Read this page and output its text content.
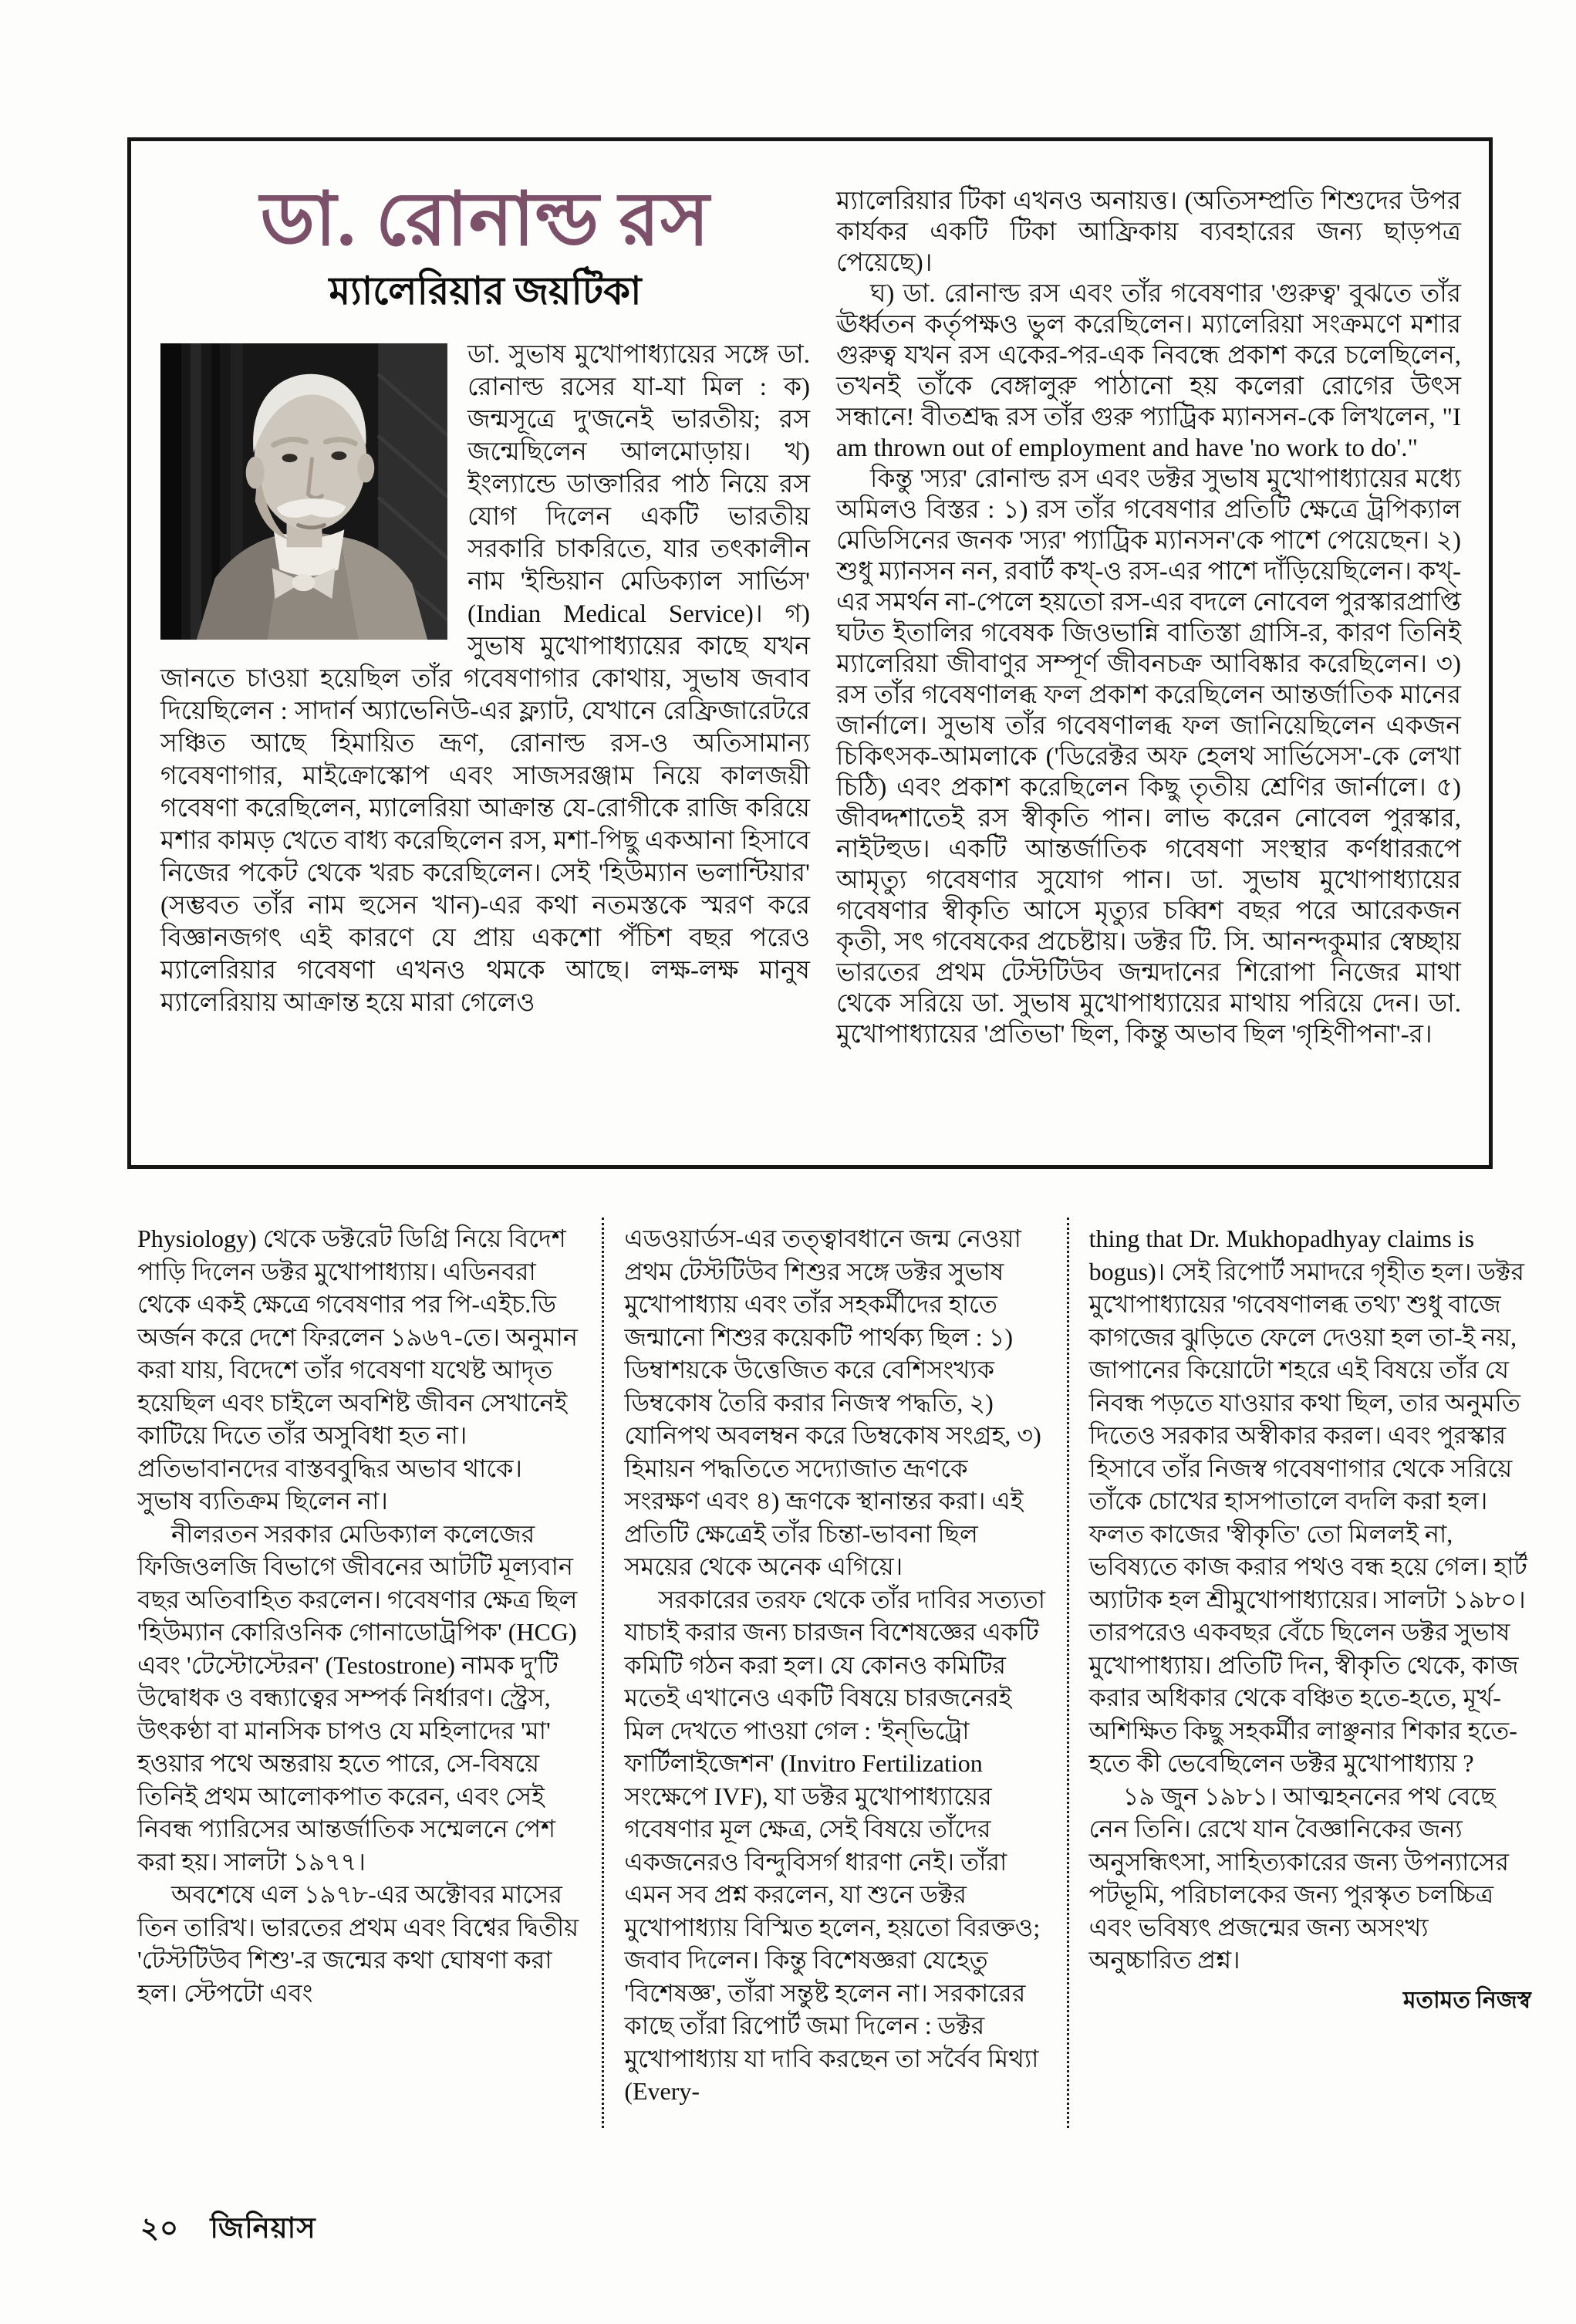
ডা. রোনাল্ড রস
ম্যালেরিয়ার জয়টিকা
ডা. সুভাষ মুখোপাধ্যায়ের সঙ্গে ডা. রোনাল্ড রসের যা-যা মিল : ক) জন্মসূত্রে দু'জনেই ভারতীয়; রস জন্মেছিলেন আলমোড়ায়। খ) ইংল্যান্ডে ডাক্তারির পাঠ নিয়ে রস যোগ দিলেন একটি ভারতীয় সরকারি চাকরিতে, যার তৎকালীন নাম 'ইন্ডিয়ান মেডিক্যাল সার্ভিস' (Indian Medical Service)। গ) সুভাষ মুখোপাধ্যায়ের কাছে যখন জানতে চাওয়া হয়েছিল তাঁর গবেষণাগার কোথায়, সুভাষ জবাব দিয়েছিলেন : সাদার্ন অ্যাভেনিউ-এর ফ্ল্যাট, যেখানে রেফ্রিজারেটরে সঞ্চিত আছে হিমায়িত ভ্রূণ, রোনাল্ড রস-ও অতিসামান্য গবেষণাগার, মাইক্রোস্কোপ এবং সাজসরঞ্জাম নিয়ে কালজয়ী গবেষণা করেছিলেন, ম্যালেরিয়া আক্রান্ত যে-রোগীকে রাজি করিয়ে মশার কামড় খেতে বাধ্য করেছিলেন রস, মশা-পিছু একআনা হিসাবে নিজের পকেট থেকে খরচ করেছিলেন। সেই 'হিউম্যান ভলান্টিয়ার' (সম্ভবত তাঁর নাম হুসেন খান)-এর কথা নতমস্তকে স্মরণ করে বিজ্ঞানজগৎ এই কারণে যে প্রায় একশো পঁচিশ বছর পরেও ম্যালেরিয়ার গবেষণা এখনও থমকে আছে। লক্ষ-লক্ষ মানুষ ম্যালেরিয়ায় আক্রান্ত হয়ে মারা গেলেও

ম্যালেরিয়ার টিকা এখনও অনায়ত্ত। (অতিসম্প্রতি শিশুদের উপর কার্যকর একটি টিকা আফ্রিকায় ব্যবহারের জন্য ছাড়পত্র পেয়েছে)।

ঘ) ডা. রোনাল্ড রস এবং তাঁর গবেষণার 'গুরুত্ব' বুঝতে তাঁর ঊর্ধ্বতন কর্তৃপক্ষও ভুল করেছিলেন। ম্যালেরিয়া সংক্রমণে মশার গুরুত্ব যখন রস একের-পর-এক নিবন্ধে প্রকাশ করে চলেছিলেন, তখনই তাঁকে বেঙ্গালুরু পাঠানো হয় কলেরা রোগের উৎস সন্ধানে! বীতশ্রদ্ধ রস তাঁর গুরু প্যাট্রিক ম্যানসন-কে লিখলেন, "I am thrown out of employment and have 'no work to do'."

কিন্তু 'স্যর' রোনাল্ড রস এবং ডক্টর সুভাষ মুখোপাধ্যায়ের মধ্যে অমিলও বিস্তর : ১) রস তাঁর গবেষণার প্রতিটি ক্ষেত্রে ট্রপিক্যাল মেডিসিনের জনক 'স্যর' প্যাট্রিক ম্যানসন'কে পাশে পেয়েছেন। ২) শুধু ম্যানসন নন, রবার্ট কখ্-ও রস-এর পাশে দাঁড়িয়েছিলেন। কখ্-এর সমর্থন না-পেলে হয়তো রস-এর বদলে নোবেল পুরস্কারপ্রাপ্তি ঘটত ইতালির গবেষক জিওভান্নি বাতিস্তা গ্রাসি-র, কারণ তিনিই ম্যালেরিয়া জীবাণুর সম্পূর্ণ জীবনচক্র আবিষ্কার করেছিলেন। ৩) রস তাঁর গবেষণালব্ধ ফল প্রকাশ করেছিলেন আন্তর্জাতিক মানের জার্নালে। সুভাষ তাঁর গবেষণালব্ধ ফল জানিয়েছিলেন একজন চিকিৎসক-আমলাকে ('ডিরেক্টর অফ হেলথ সার্ভিসেস'-কে লেখা চিঠি) এবং প্রকাশ করেছিলেন কিছু তৃতীয় শ্রেণির জার্নালে। ৫) জীবদ্দশাতেই রস স্বীকৃতি পান। লাভ করেন নোবেল পুরস্কার, নাইটহুড। একটি আন্তর্জাতিক গবেষণা সংস্থার কর্ণধাররূপে আমৃত্যু গবেষণার সুযোগ পান। ডা. সুভাষ মুখোপাধ্যায়ের গবেষণার স্বীকৃতি আসে মৃত্যুর চব্বিশ বছর পরে আরেকজন কৃতী, সৎ গবেষকের প্রচেষ্টায়। ডক্টর টি. সি. আনন্দকুমার স্বেচ্ছায় ভারতের প্রথম টেস্টটিউব জন্মদানের শিরোপা নিজের মাথা থেকে সরিয়ে ডা. সুভাষ মুখোপাধ্যায়ের মাথায় পরিয়ে দেন। ডা. মুখোপাধ্যায়ের 'প্রতিভা' ছিল, কিন্তু অভাব ছিল 'গৃহিণীপনা'-র।

Physiology) থেকে ডক্টরেট ডিগ্রি নিয়ে বিদেশ পাড়ি দিলেন ডক্টর মুখোপাধ্যায়। এডিনবরা থেকে একই ক্ষেত্রে গবেষণার পর পি-এইচ.ডি অর্জন করে দেশে ফিরলেন ১৯৬৭-তে। অনুমান করা যায়, বিদেশে তাঁর গবেষণা যথেষ্ট আদৃত হয়েছিল এবং চাইলে অবশিষ্ট জীবন সেখানেই কাটিয়ে দিতে তাঁর অসুবিধা হত না। প্রতিভাবানদের বাস্তববুদ্ধির অভাব থাকে। সুভাষ ব্যতিক্রম ছিলেন না।

নীলরতন সরকার মেডিক্যাল কলেজের ফিজিওলজি বিভাগে জীবনের আটটি মূল্যবান বছর অতিবাহিত করলেন। গবেষণার ক্ষেত্র ছিল 'হিউম্যান কোরিওনিক গোনাডোট্রপিক' (HCG) এবং 'টেস্টোস্টেরন' (Testostrone) নামক দু'টি উদ্বোধক ও বন্ধ্যাত্বের সম্পর্ক নির্ধারণ। স্ট্রেস, উৎকণ্ঠা বা মানসিক চাপও যে মহিলাদের 'মা' হওয়ার পথে অন্তরায় হতে পারে, সে-বিষয়ে তিনিই প্রথম আলোকপাত করেন, এবং সেই নিবন্ধ প্যারিসের আন্তর্জাতিক সম্মেলনে পেশ করা হয়। সালটা ১৯৭৭।

অবশেষে এল ১৯৭৮-এর অক্টোবর মাসের তিন তারিখ। ভারতের প্রথম এবং বিশ্বের দ্বিতীয় 'টেস্টটিউব শিশু'-র জন্মের কথা ঘোষণা করা হল। স্টেপটো এবং

এডওয়ার্ডস-এর তত্ত্বাবধানে জন্ম নেওয়া প্রথম টেস্টটিউব শিশুর সঙ্গে ডক্টর সুভাষ মুখোপাধ্যায় এবং তাঁর সহকর্মীদের হাতে জন্মানো শিশুর কয়েকটি পার্থক্য ছিল : ১) ডিম্বাশয়কে উত্তেজিত করে বেশিসংখ্যক ডিম্বকোষ তৈরি করার নিজস্ব পদ্ধতি, ২) যোনিপথ অবলম্বন করে ডিম্বকোষ সংগ্রহ, ৩) হিমায়ন পদ্ধতিতে সদ্যোজাত ভ্রূণকে সংরক্ষণ এবং ৪) ভ্রূণকে স্থানান্তর করা। এই প্রতিটি ক্ষেত্রেই তাঁর চিন্তা-ভাবনা ছিল সময়ের থেকে অনেক এগিয়ে।

সরকারের তরফ থেকে তাঁর দাবির সত্যতা যাচাই করার জন্য চারজন বিশেষজ্ঞের একটি কমিটি গঠন করা হল। যে কোনও কমিটির মতেই এখানেও একটি বিষয়ে চারজনেরই মিল দেখতে পাওয়া গেল : 'ইন্‌ভিট্রো ফার্টিলাইজেশন' (Invitro Fertilization সংক্ষেপে IVF), যা ডক্টর মুখোপাধ্যায়ের গবেষণার মূল ক্ষেত্র, সেই বিষয়ে তাঁদের একজনেরও বিন্দুবিসর্গ ধারণা নেই। তাঁরা এমন সব প্রশ্ন করলেন, যা শুনে ডক্টর মুখোপাধ্যায় বিস্মিত হলেন, হয়তো বিরক্তও; জবাব দিলেন। কিন্তু বিশেষজ্ঞরা যেহেতু 'বিশেষজ্ঞ', তাঁরা সন্তুষ্ট হলেন না। সরকারের কাছে তাঁরা রিপোর্ট জমা দিলেন : ডক্টর মুখোপাধ্যায় যা দাবি করছেন তা সর্বৈব মিথ্যা (Every-

thing that Dr. Mukhopadhyay claims is bogus)। সেই রিপোর্ট সমাদরে গৃহীত হল। ডক্টর মুখোপাধ্যায়ের 'গবেষণালব্ধ তথ্য' শুধু বাজে কাগজের ঝুড়িতে ফেলে দেওয়া হল তা-ই নয়, জাপানের কিয়োটো শহরে এই বিষয়ে তাঁর যে নিবন্ধ পড়তে যাওয়ার কথা ছিল, তার অনুমতি দিতেও সরকার অস্বীকার করল। এবং পুরস্কার হিসাবে তাঁর নিজস্ব গবেষণাগার থেকে সরিয়ে তাঁকে চোখের হাসপাতালে বদলি করা হল। ফলত কাজের 'স্বীকৃতি' তো মিললই না, ভবিষ্যতে কাজ করার পথও বন্ধ হয়ে গেল। হার্ট অ্যাটাক হল শ্রীমুখোপাধ্যায়ের। সালটা ১৯৮০। তারপরেও একবছর বেঁচে ছিলেন ডক্টর সুভাষ মুখোপাধ্যায়। প্রতিটি দিন, স্বীকৃতি থেকে, কাজ করার অধিকার থেকে বঞ্চিত হতে-হতে, মূর্খ-অশিক্ষিত কিছু সহকর্মীর লাঞ্ছনার শিকার হতে-হতে কী ভেবেছিলেন ডক্টর মুখোপাধ্যায় ?

১৯ জুন ১৯৮১। আত্মহননের পথ বেছে নেন তিনি। রেখে যান বৈজ্ঞানিকের জন্য অনুসন্ধিৎসা, সাহিত্যকারের জন্য উপন্যাসের পটভূমি, পরিচালকের জন্য পুরস্কৃত চলচ্চিত্র এবং ভবিষ্যৎ প্রজন্মের জন্য অসংখ্য অনুচ্চারিত প্রশ্ন।

মতামত নিজস্ব

২০ জিনিয়াস
